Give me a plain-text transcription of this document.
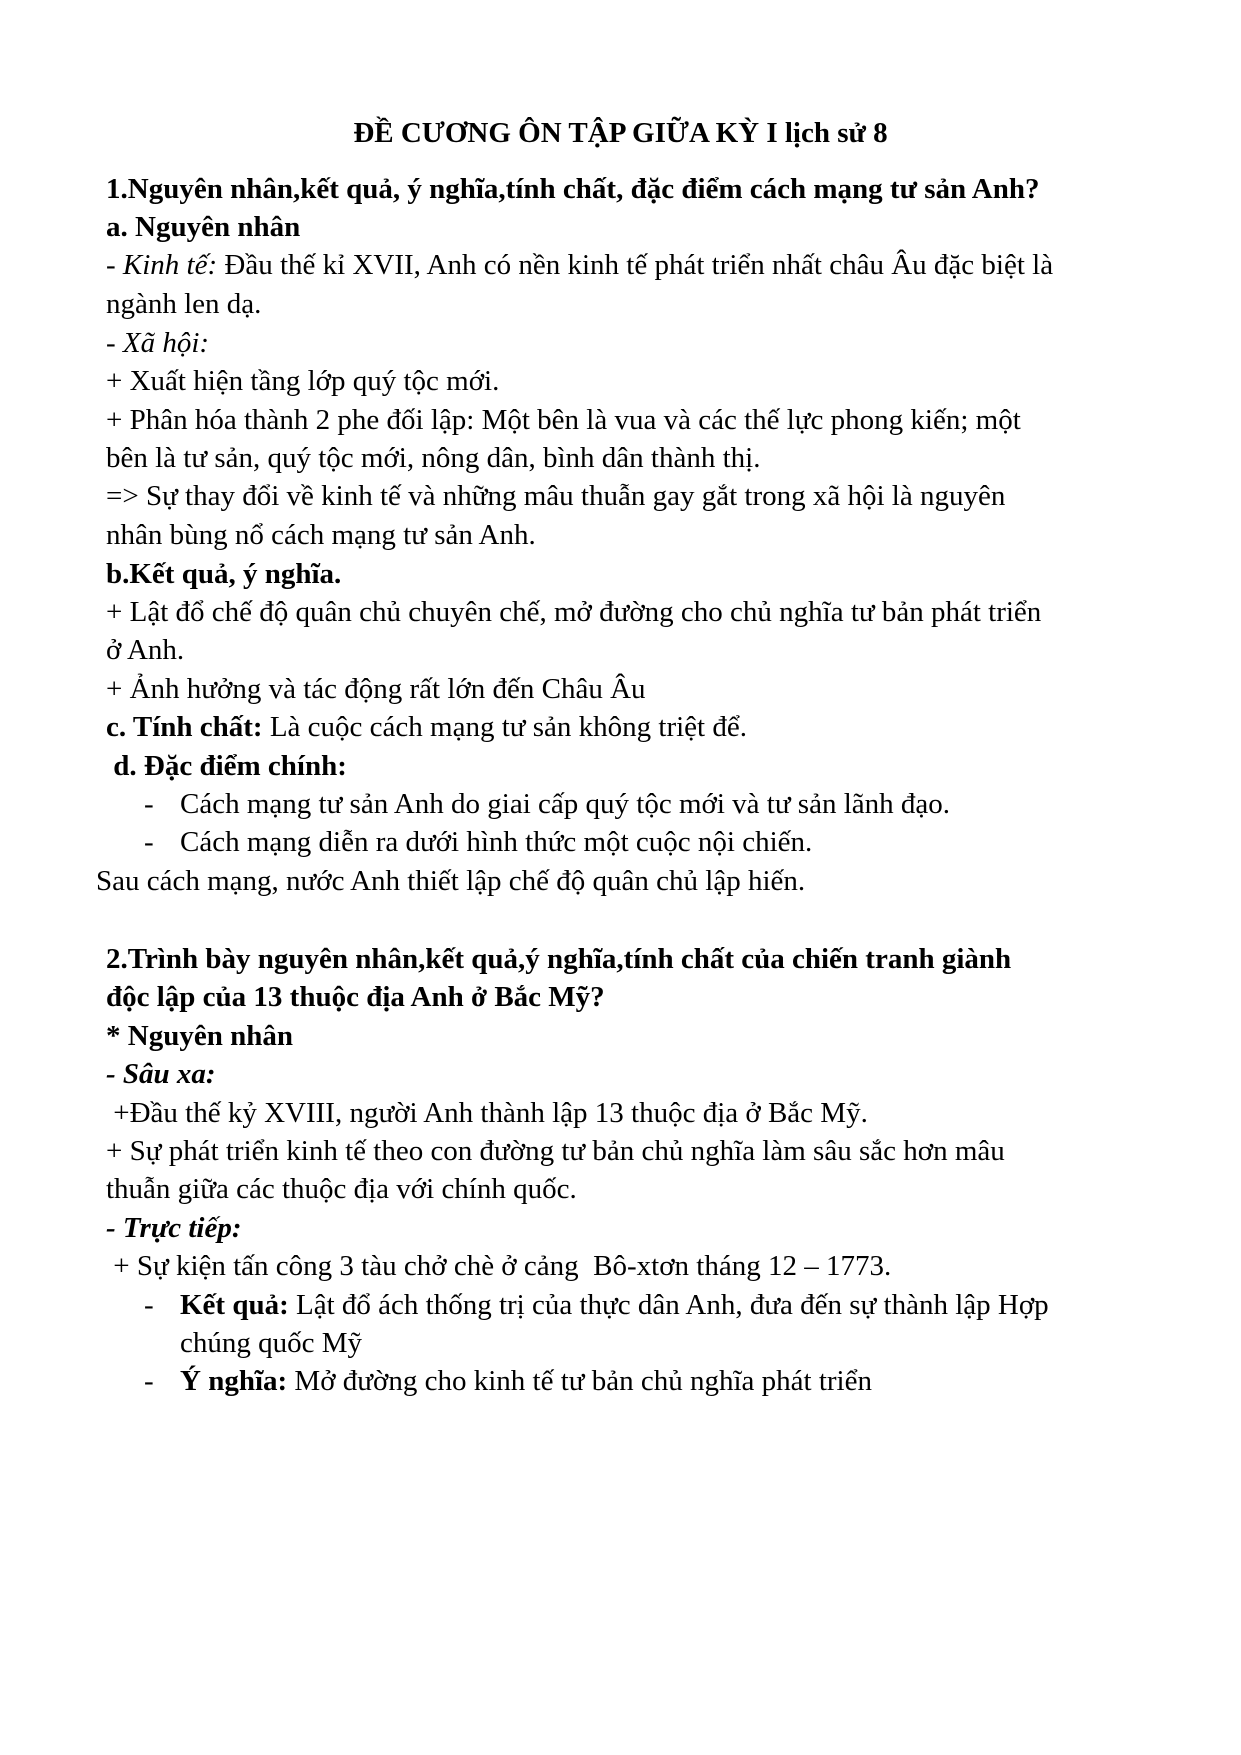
ĐỀ CƯƠNG ÔN TẬP GIỮA KỲ I lịch sử 8
1.Nguyên nhân,kết quả, ý nghĩa,tính chất, đặc điểm cách mạng tư sản Anh?
a. Nguyên nhân
- Kinh tế: Đầu thế kỉ XVII, Anh có nền kinh tế phát triển nhất châu Âu đặc biệt là
ngành len dạ.
- Xã hội:
+ Xuất hiện tầng lớp quý tộc mới.
+ Phân hóa thành 2 phe đối lập: Một bên là vua và các thế lực phong kiến; một
bên là tư sản, quý tộc mới, nông dân, bình dân thành thị.
=> Sự thay đổi về kinh tế và những mâu thuẫn gay gắt trong xã hội là nguyên
nhân bùng nổ cách mạng tư sản Anh.
b.Kết quả, ý nghĩa.
+ Lật đổ chế độ quân chủ chuyên chế, mở đường cho chủ nghĩa tư bản phát triển
ở Anh.
+ Ảnh hưởng và tác động rất lớn đến Châu Âu
c. Tính chất: Là cuộc cách mạng tư sản không triệt để.
d. Đặc điểm chính:
- Cách mạng tư sản Anh do giai cấp quý tộc mới và tư sản lãnh đạo.
- Cách mạng diễn ra dưới hình thức một cuộc nội chiến.
Sau cách mạng, nước Anh thiết lập chế độ quân chủ lập hiến.
2.Trình bày nguyên nhân,kết quả,ý nghĩa,tính chất của chiến tranh giành
độc lập của 13 thuộc địa Anh ở Bắc Mỹ?
* Nguyên nhân
- Sâu xa:
+Đầu thế kỷ XVIII, người Anh thành lập 13 thuộc địa ở Bắc Mỹ.
+ Sự phát triển kinh tế theo con đường tư bản chủ nghĩa làm sâu sắc hơn mâu
thuẫn giữa các thuộc địa với chính quốc.
- Trực tiếp:
+ Sự kiện tấn công 3 tàu chở chè ở cảng  Bô-xtơn tháng 12 – 1773.
- Kết quả: Lật đổ ách thống trị của thực dân Anh, đưa đến sự thành lập Hợp
chúng quốc Mỹ
- Ý nghĩa: Mở đường cho kinh tế tư bản chủ nghĩa phát triển
